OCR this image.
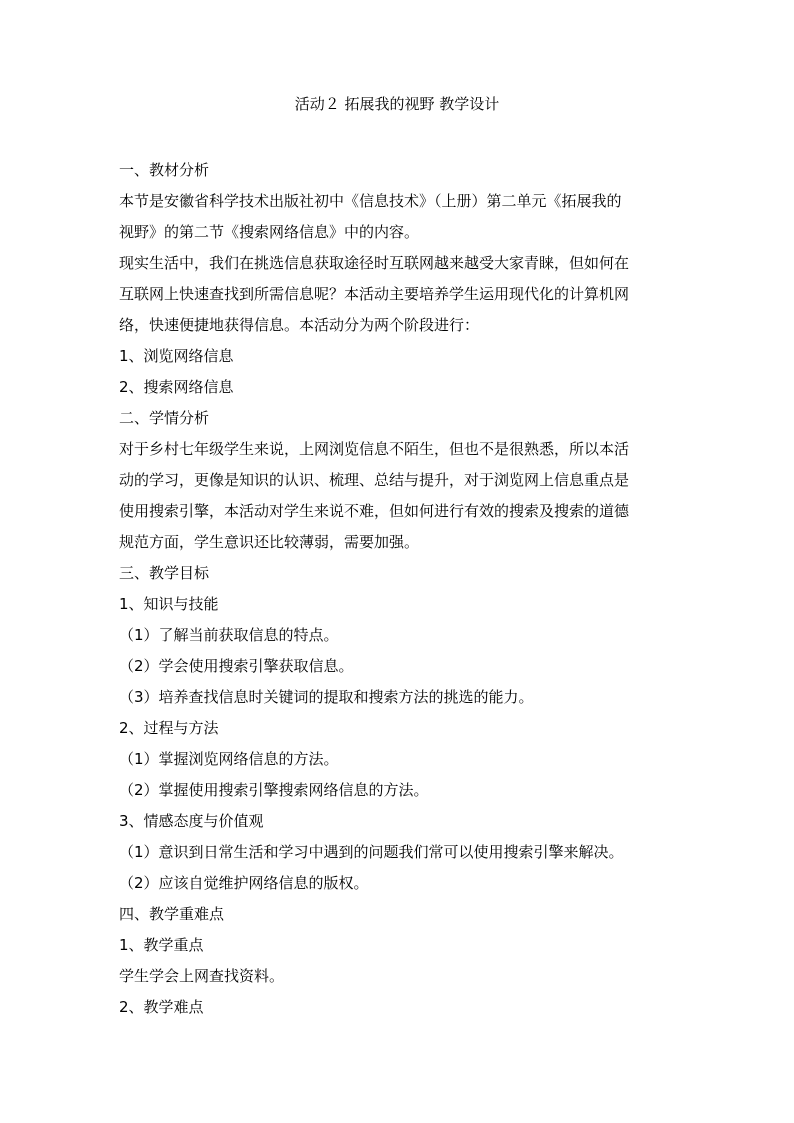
活动２ 拓展我的视野 教学设计
一、教材分析
本节是安徽省科学技术出版社初中《信息技术》（上册）第二单元《拓展我的
视野》的第二节《搜索网络信息》中的内容。
现实生活中，我们在挑选信息获取途径时互联网越来越受大家青睐，但如何在
互联网上快速查找到所需信息呢？本活动主要培养学生运用现代化的计算机网
络，快速便捷地获得信息。本活动分为两个阶段进行：
1、浏览网络信息
2、搜索网络信息
二、学情分析
对于乡村七年级学生来说，上网浏览信息不陌生，但也不是很熟悉，所以本活
动的学习，更像是知识的认识、梳理、总结与提升，对于浏览网上信息重点是
使用搜索引擎，本活动对学生来说不难，但如何进行有效的搜索及搜索的道德
规范方面，学生意识还比较薄弱，需要加强。
三、教学目标
1、知识与技能
（1）了解当前获取信息的特点。
（2）学会使用搜索引擎获取信息。
（3）培养查找信息时关键词的提取和搜索方法的挑选的能力。
2、过程与方法
（1）掌握浏览网络信息的方法。
（2）掌握使用搜索引擎搜索网络信息的方法。
3、情感态度与价值观
（1）意识到日常生活和学习中遇到的问题我们常可以使用搜索引擎来解决。
（2）应该自觉维护网络信息的版权。
四、教学重难点
1、教学重点
学生学会上网查找资料。
2、教学难点
